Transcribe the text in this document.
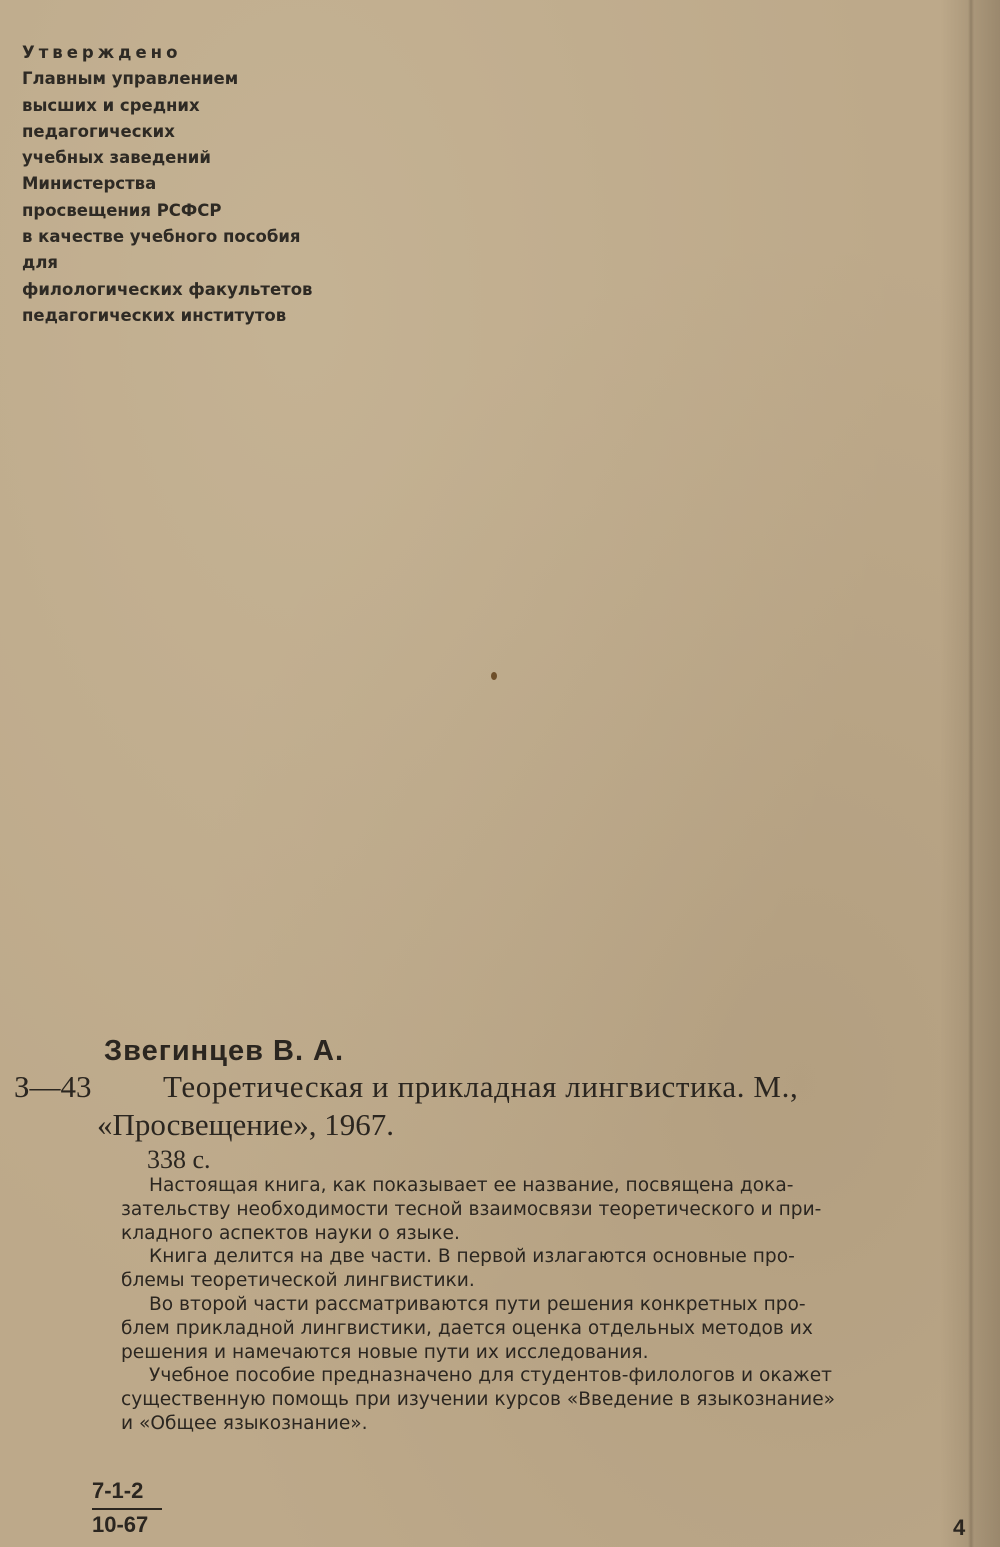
Утверждено
Главным управлением
высших и средних
педагогических
учебных заведений
Министерства
просвещения РСФСР
в качестве учебного пособия
для
филологических факультетов
педагогических институтов
Звегинцев В. А.
З—43 Теоретическая и прикладная лингвистика. М.,
«Просвещение», 1967.
338 с.
Настоящая книга, как показывает ее название, посвящена дока-
зательству необходимости тесной взаимосвязи теоретического и при-
кладного аспектов науки о языке.
Книга делится на две части. В первой излагаются основные про-
блемы теоретической лингвистики.
Во второй части рассматриваются пути решения конкретных про-
блем прикладной лингвистики, дается оценка отдельных методов их
решения и намечаются новые пути их исследования.
Учебное пособие предназначено для студентов-филологов и окажет
существенную помощь при изучении курсов «Введение в языкознание»
и «Общее языкознание».
7-1-2
10-67	4
